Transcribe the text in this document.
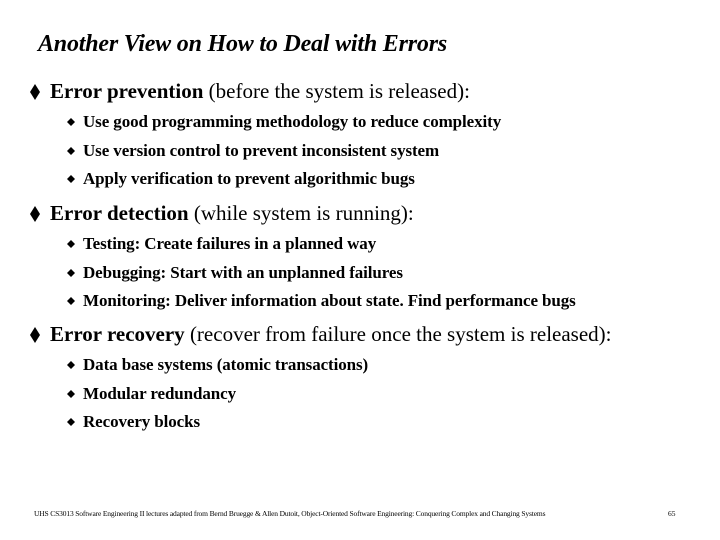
Another View on How to Deal with Errors
Error prevention (before the system is released):
Use good programming methodology to reduce complexity
Use version control to prevent inconsistent system
Apply verification to prevent algorithmic bugs
Error detection (while system is running):
Testing: Create failures in a planned way
Debugging: Start with an unplanned failures
Monitoring: Deliver information about state. Find performance bugs
Error recovery (recover from failure once the system is released):
Data base systems (atomic transactions)
Modular redundancy
Recovery blocks
UHS CS3013 Software Engineering II lectures adapted from Bernd Bruegge & Allen Dutoit, Object-Oriented Software Engineering: Conquering Complex and Changing Systems	65
